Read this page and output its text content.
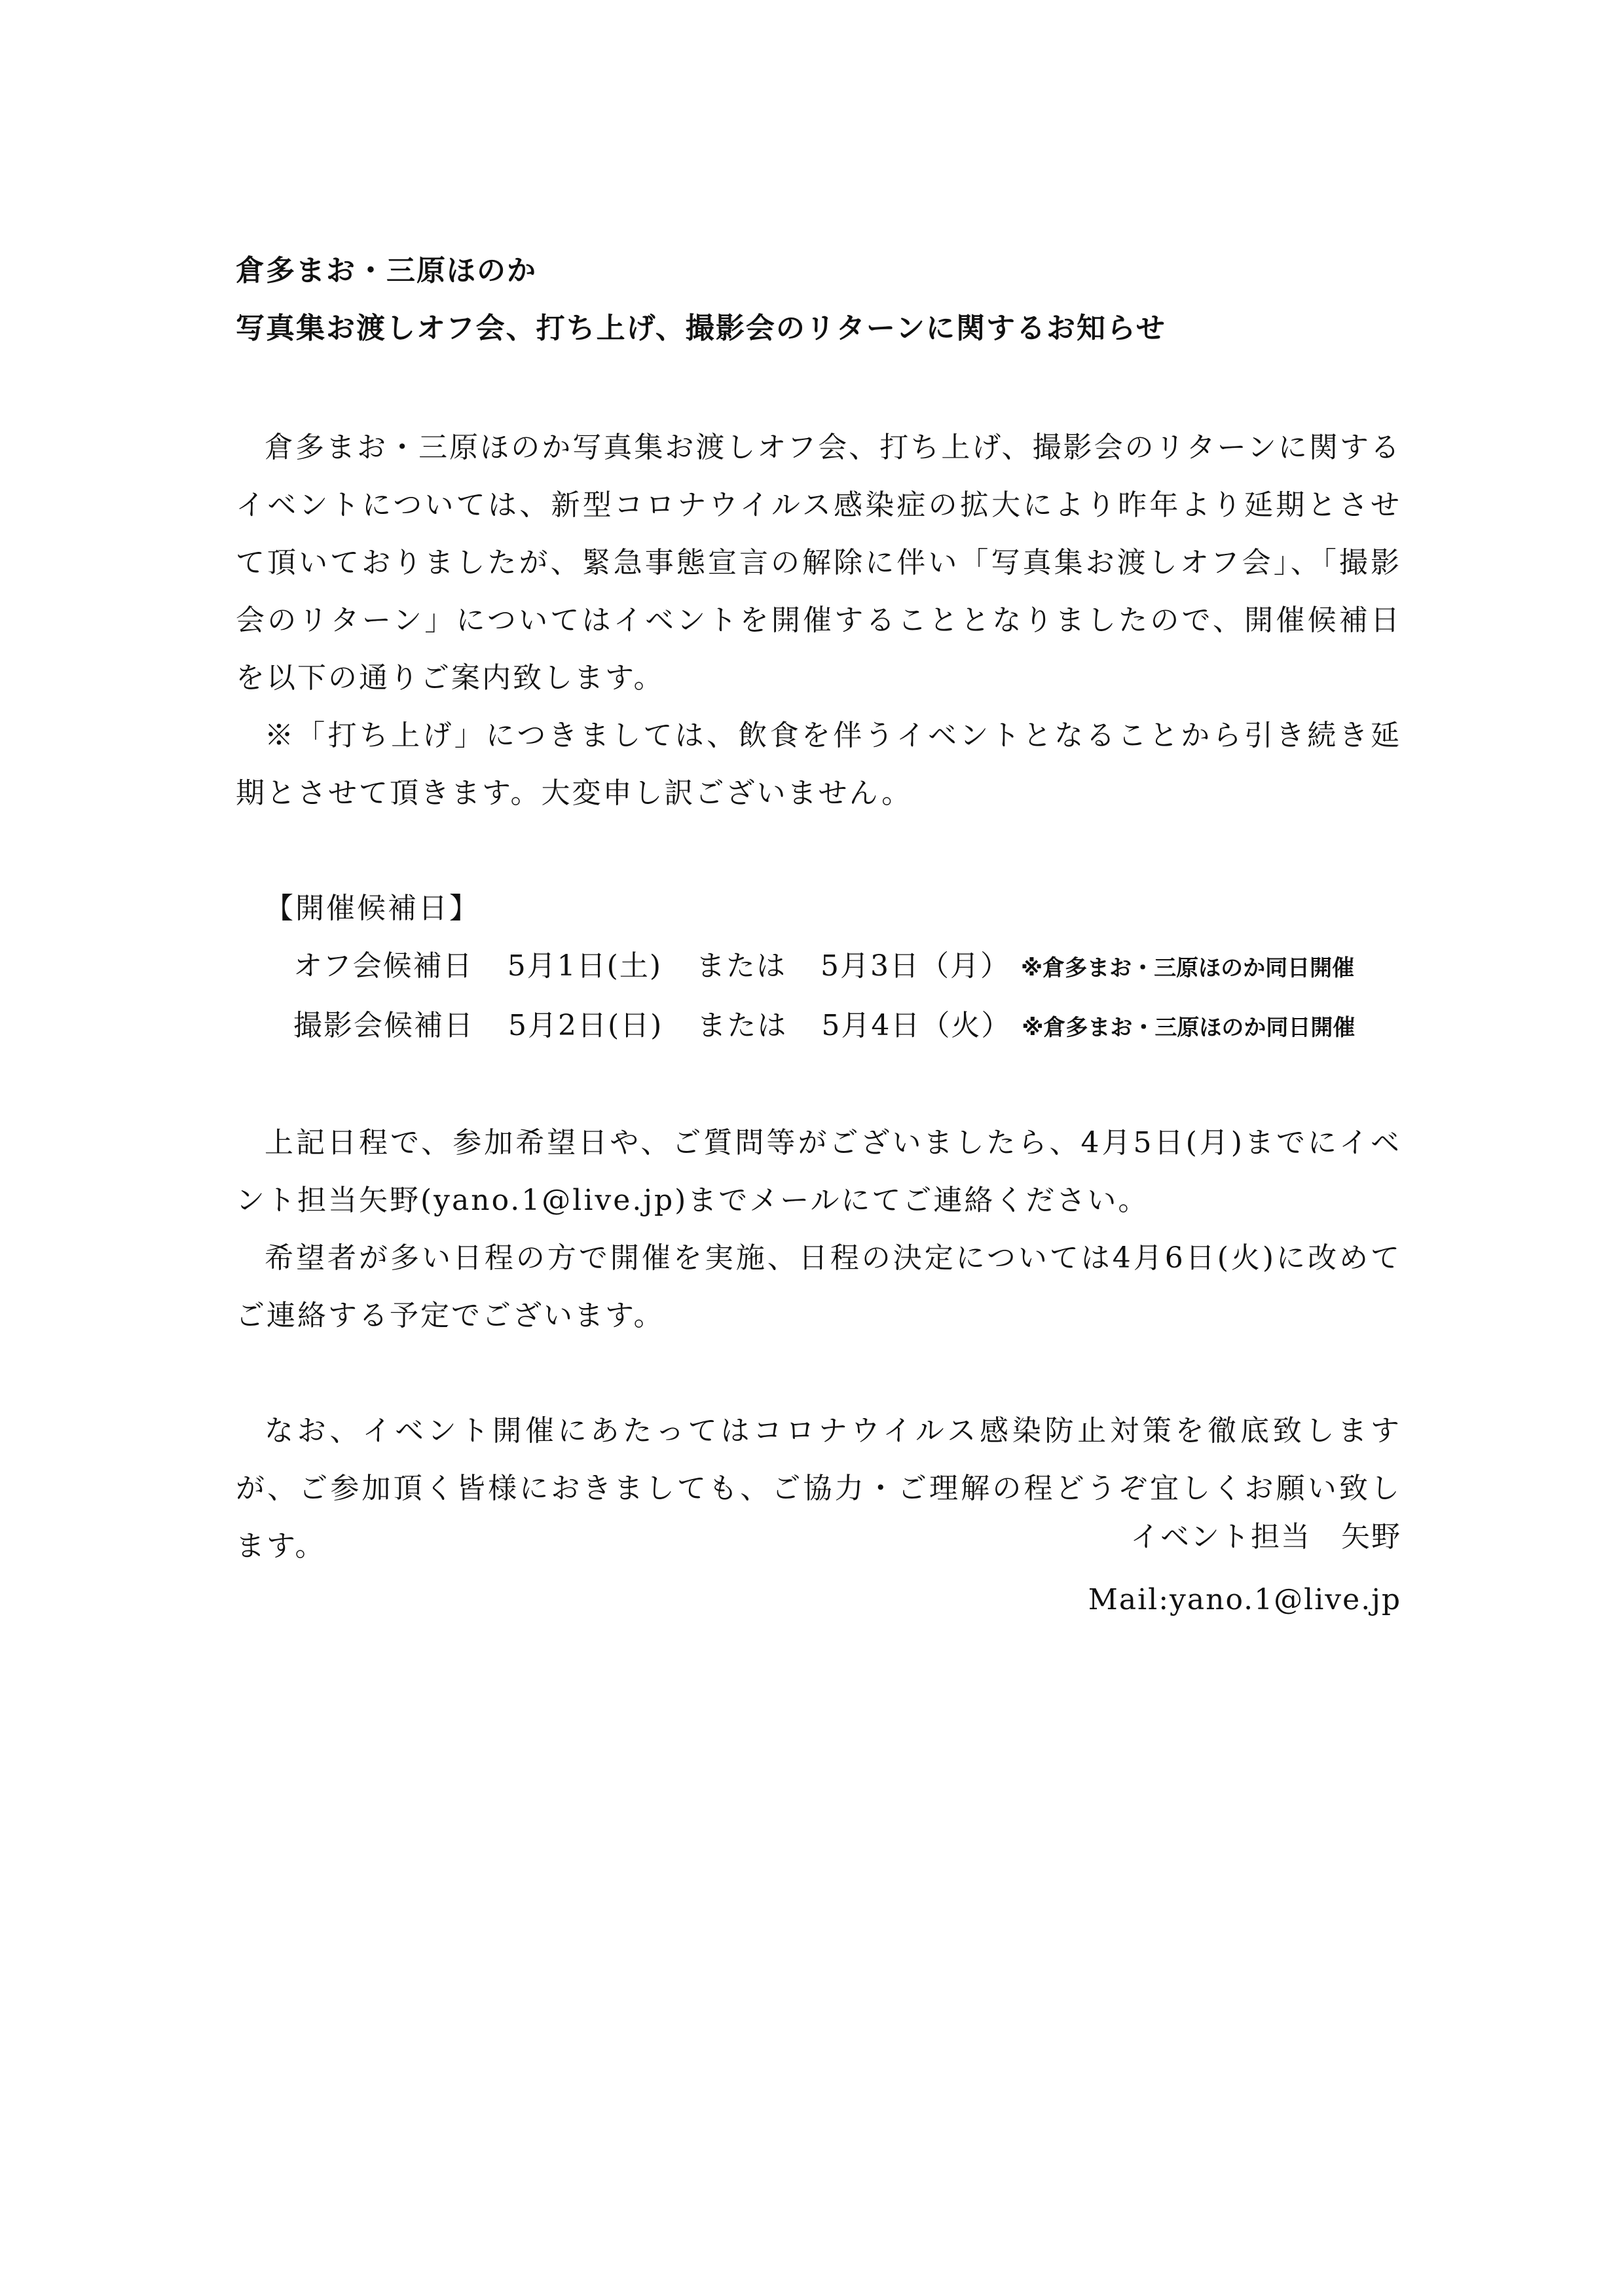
倉多まお・三原ほのか
写真集お渡しオフ会、打ち上げ、撮影会のリターンに関するお知らせ

倉多まお・三原ほのか写真集お渡しオフ会、打ち上げ、撮影会のリターンに関するイベントについては、新型コロナウイルス感染症の拡大により昨年より延期とさせて頂いておりましたが、緊急事態宣言の解除に伴い「写真集お渡しオフ会」、「撮影会のリターン」についてはイベントを開催することとなりましたので、開催候補日を以下の通りご案内致します。

※「打ち上げ」につきましては、飲食を伴うイベントとなることから引き続き延期とさせて頂きます。大変申し訳ございません。

【開催候補日】
オフ会候補日 5月1日(土) または 5月3日（月） ※倉多まお・三原ほのか同日開催
撮影会候補日 5月2日(日) または 5月4日（火） ※倉多まお・三原ほのか同日開催

上記日程で、参加希望日や、ご質問等がございましたら、4月5日(月)までにイベント担当矢野(yano.1@live.jp)までメールにてご連絡ください。

希望者が多い日程の方で開催を実施、日程の決定については4月6日(火)に改めてご連絡する予定でございます。

なお、イベント開催にあたってはコロナウイルス感染防止対策を徹底致しますが、ご参加頂く皆様におきましても、ご協力・ご理解の程どうぞ宜しくお願い致します。	イベント担当　矢野
Mail:yano.1@live.jp
